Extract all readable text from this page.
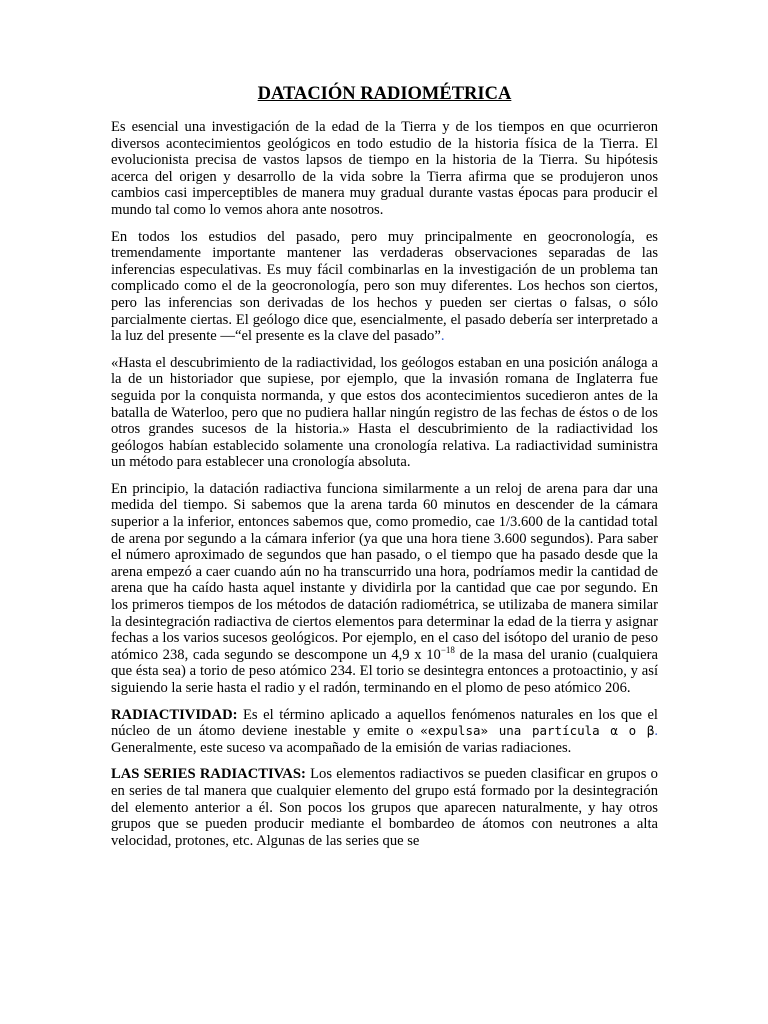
DATACIÓN RADIOMÉTRICA

Es esencial una investigación de la edad de la Tierra y de los tiempos en que ocurrieron diversos acontecimientos geológicos en todo estudio de la historia física de la Tierra. El evolucionista precisa de vastos lapsos de tiempo en la historia de la Tierra. Su hipótesis acerca del origen y desarrollo de la vida sobre la Tierra afirma que se produjeron unos cambios casi imperceptibles de manera muy gradual durante vastas épocas para producir el mundo tal como lo vemos ahora ante nosotros.

En todos los estudios del pasado, pero muy principalmente en geocronología, es tremendamente importante mantener las verdaderas observaciones separadas de las inferencias especulativas. Es muy fácil combinarlas en la investigación de un problema tan complicado como el de la geocronología, pero son muy diferentes. Los hechos son ciertos, pero las inferencias son derivadas de los hechos y pueden ser ciertas o falsas, o sólo parcialmente ciertas. El geólogo dice que, esencialmente, el pasado debería ser interpretado a la luz del presente —“el presente es la clave del pasado”.

«Hasta el descubrimiento de la radiactividad, los geólogos estaban en una posición análoga a la de un historiador que supiese, por ejemplo, que la invasión romana de Inglaterra fue seguida por la conquista normanda, y que estos dos acontecimientos sucedieron antes de la batalla de Waterloo, pero que no pudiera hallar ningún registro de las fechas de éstos o de los otros grandes sucesos de la historia.» Hasta el descubrimiento de la radiactividad los geólogos habían establecido solamente una cronología relativa. La radiactividad suministra un método para establecer una cronología absoluta.

En principio, la datación radiactiva funciona similarmente a un reloj de arena para dar una medida del tiempo. Si sabemos que la arena tarda 60 minutos en descender de la cámara superior a la inferior, entonces sabemos que, como promedio, cae 1/3.600 de la cantidad total de arena por segundo a la cámara inferior (ya que una hora tiene 3.600 segundos). Para saber el número aproximado de segundos que han pasado, o el tiempo que ha pasado desde que la arena empezó a caer cuando aún no ha transcurrido una hora, podríamos medir la cantidad de arena que ha caído hasta aquel instante y dividirla por la cantidad que cae por segundo. En los primeros tiempos de los métodos de datación radiométrica, se utilizaba de manera similar la desintegración radiactiva de ciertos elementos para determinar la edad de la tierra y asignar fechas a los varios sucesos geológicos. Por ejemplo, en el caso del isótopo del uranio de peso atómico 238, cada segundo se descompone un 4,9 x $10^{-18}$ de la masa del uranio (cualquiera que ésta sea) a torio de peso atómico 234. El torio se desintegra entonces a protoactinio, y así siguiendo la serie hasta el radio y el radón, terminando en el plomo de peso atómico 206.

RADIACTIVIDAD: Es el término aplicado a aquellos fenómenos naturales en los que el núcleo de un átomo deviene inestable y emite o «expulsa» una partícula α o β. Generalmente, este suceso va acompañado de la emisión de varias radiaciones.

LAS SERIES RADIACTIVAS: Los elementos radiactivos se pueden clasificar en grupos o en series de tal manera que cualquier elemento del grupo está formado por la desintegración del elemento anterior a él. Son pocos los grupos que aparecen naturalmente, y hay otros grupos que se pueden producir mediante el bombardeo de átomos con neutrones a alta velocidad, protones, etc. Algunas de las series que se
